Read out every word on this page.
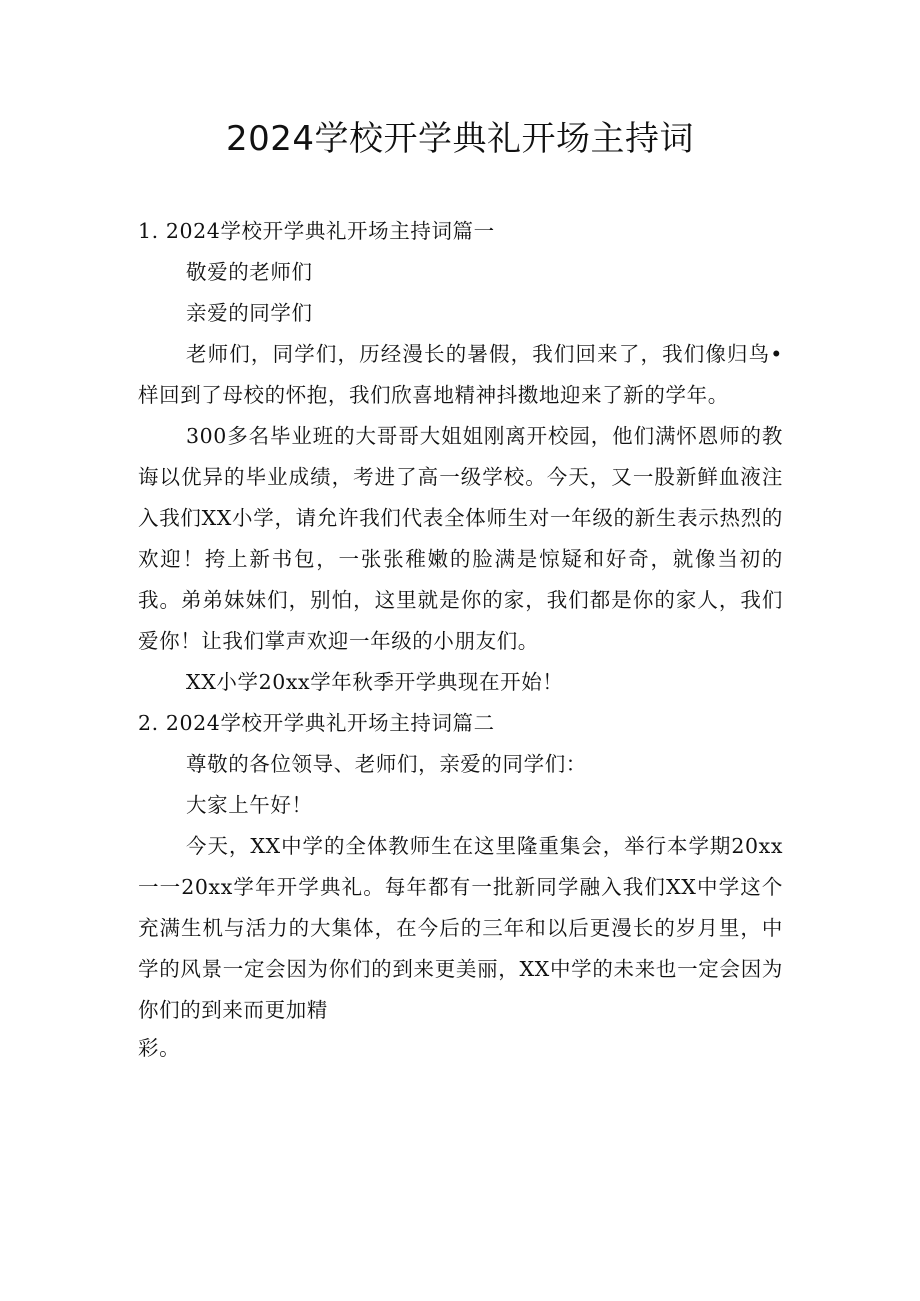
2024学校开学典礼开场主持词

1. 2024学校开学典礼开场主持词篇一

敬爱的老师们

亲爱的同学们

老师们，同学们，历经漫长的暑假，我们回来了，我们像归鸟•样回到了母校的怀抱，我们欣喜地精神抖擞地迎来了新的学年。

300多名毕业班的大哥哥大姐姐刚离开校园，他们满怀恩师的教诲以优异的毕业成绩，考进了高一级学校。今天，又一股新鲜血液注入我们XX小学，请允许我们代表全体师生对一年级的新生表示热烈的欢迎！挎上新书包，一张张稚嫩的脸满是惊疑和好奇，就像当初的我。弟弟妹妹们，别怕，这里就是你的家，我们都是你的家人，我们爱你！让我们掌声欢迎一年级的小朋友们。

XX小学20xx学年秋季开学典现在开始！

2. 2024学校开学典礼开场主持词篇二

尊敬的各位领导、老师们，亲爱的同学们：

大家上午好！

今天，XX中学的全体教师生在这里隆重集会，举行本学期20xx一一20xx学年开学典礼。每年都有一批新同学融入我们XX中学这个充满生机与活力的大集体，在今后的三年和以后更漫长的岁月里，中学的风景一定会因为你们的到来更美丽，XX中学的未来也一定会因为你们的到来而更加精

彩。
